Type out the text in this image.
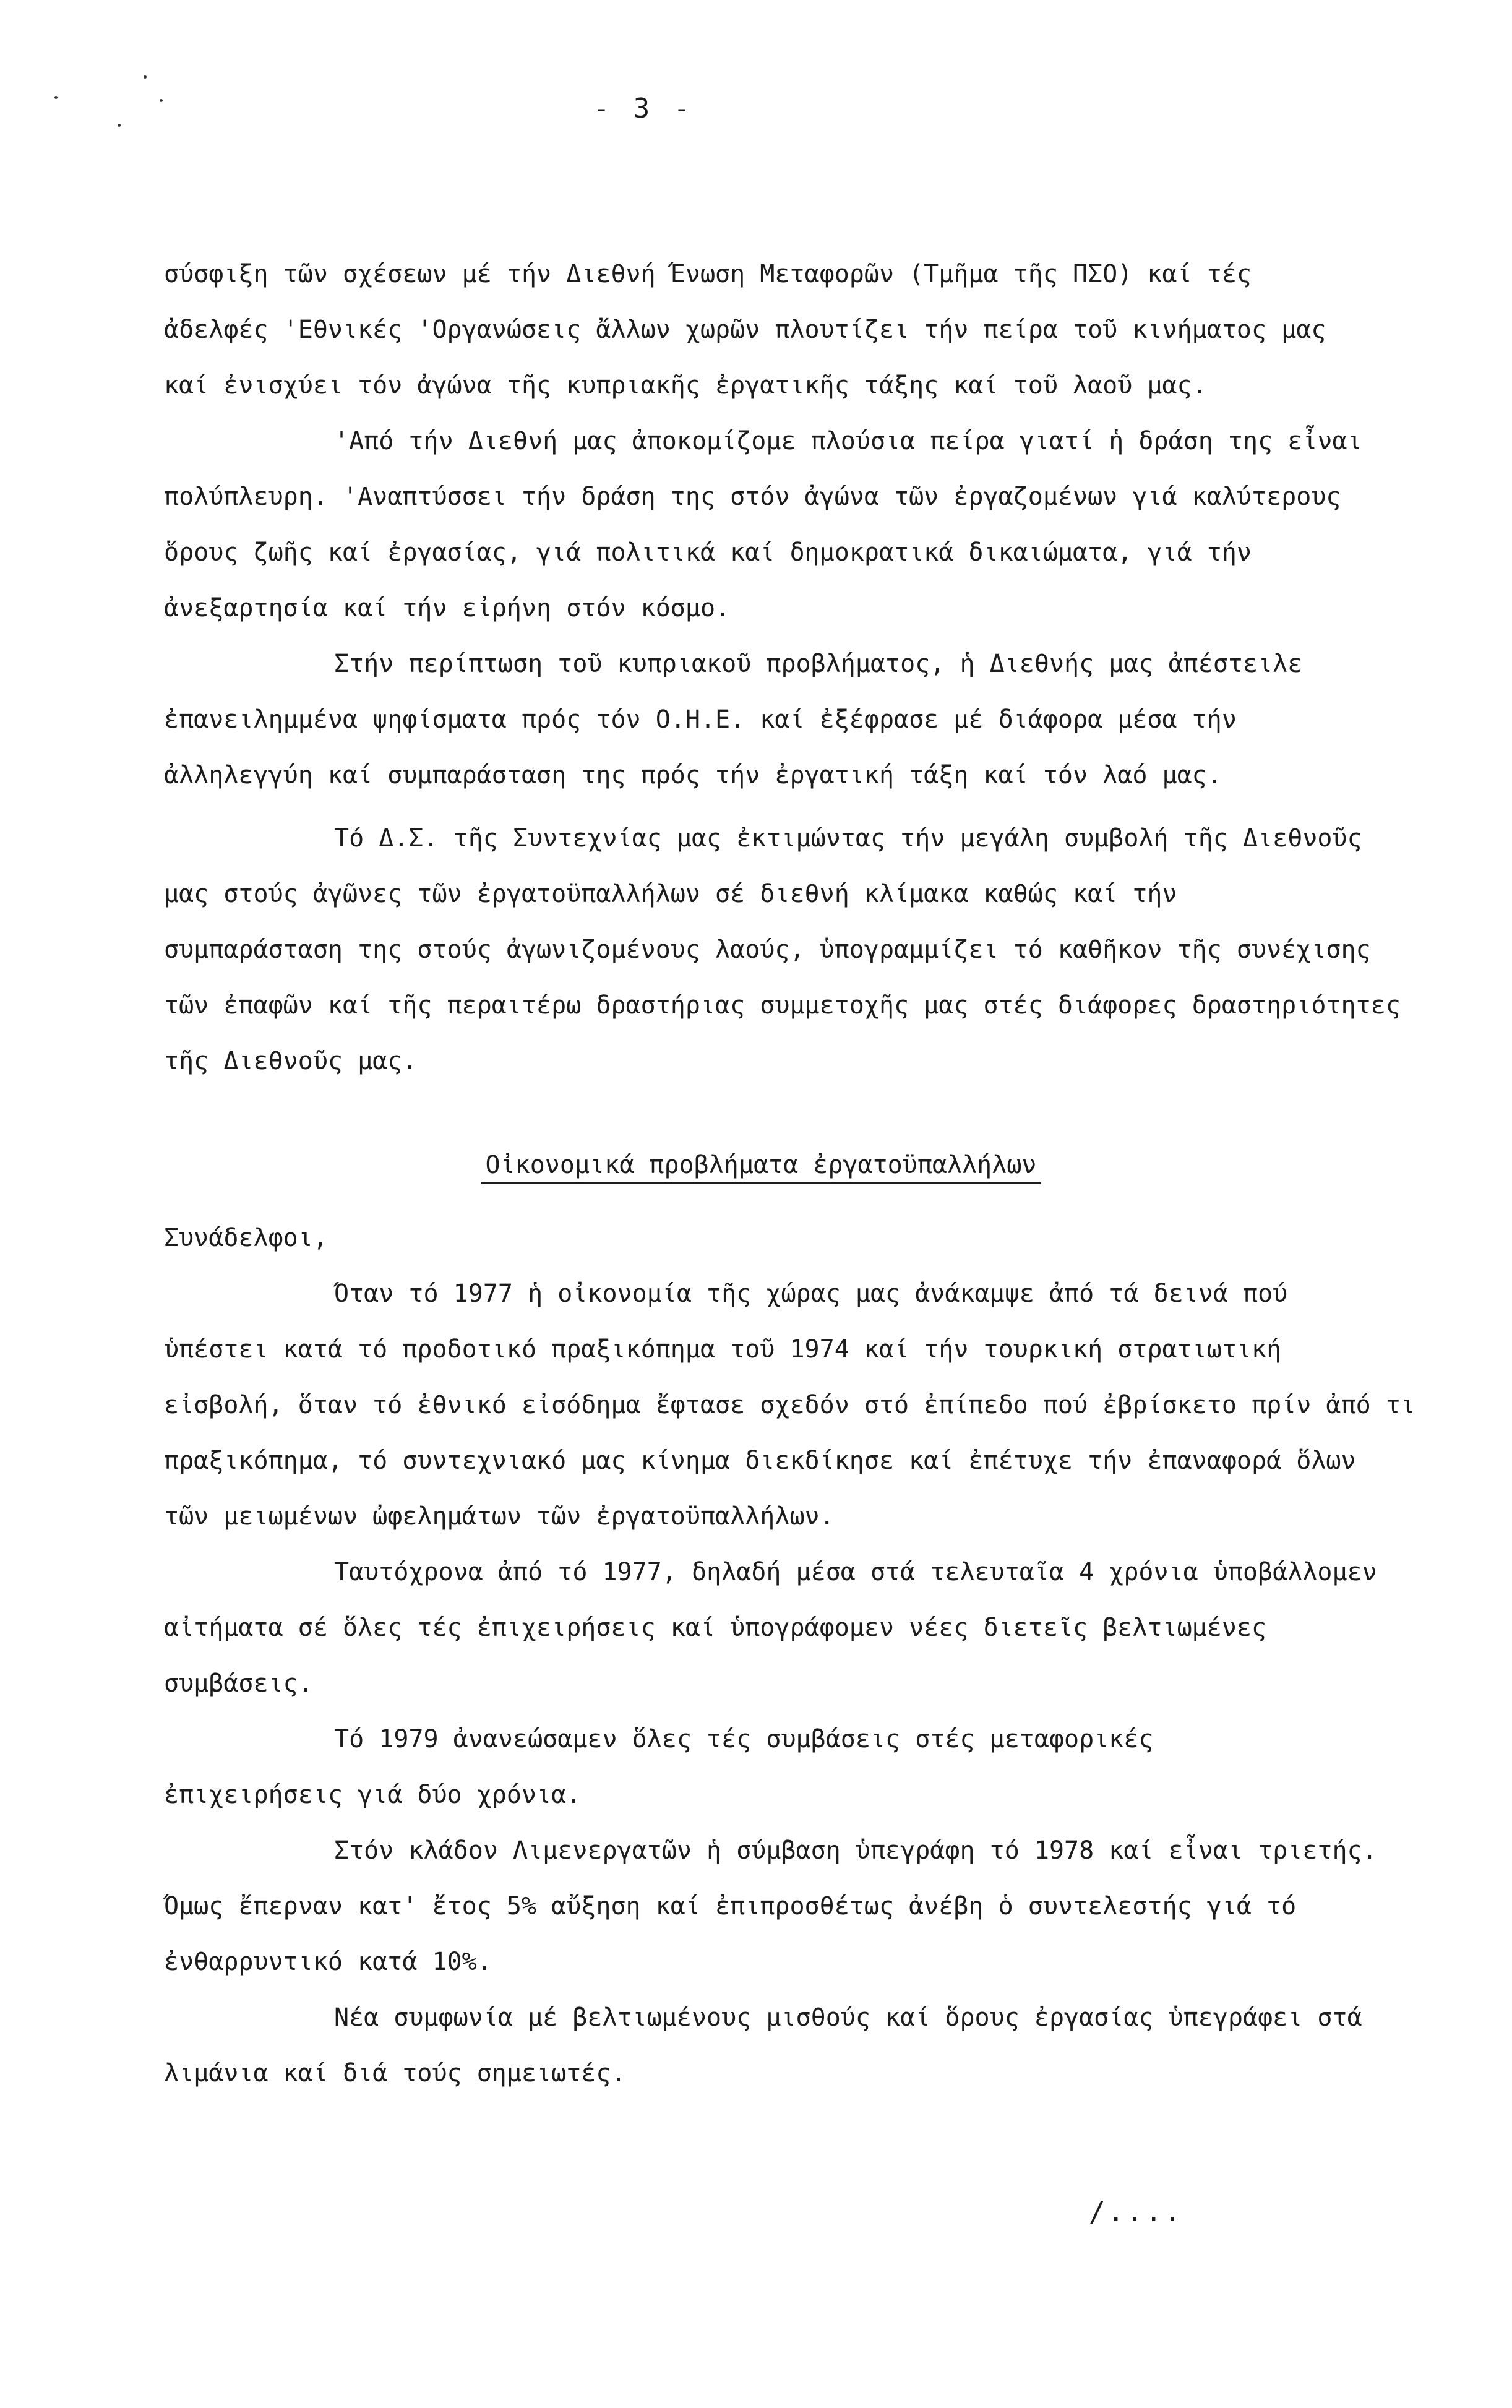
- 3 -
σύσφιξη τῶν σχέσεων μέ τήν Διεθνή Ένωση Μεταφορῶν (Τμῆμα τῆς ΠΣΟ) καί τές
ἀδελφές 'Εθνικές 'Οργανώσεις ἄλλων χωρῶν πλουτίζει τήν πείρα τοῦ κινήματος μας
καί ἐνισχύει τόν ἀγώνα τῆς κυπριακῆς ἐργατικῆς τάξης καί τοῦ λαοῦ μας.
'Από τήν Διεθνή μας ἀποκομίζομε πλούσια πείρα γιατί ἡ δράση της εἶναι
πολύπλευρη. 'Αναπτύσσει τήν δράση της στόν ἀγώνα τῶν ἐργαζομένων γιά καλύτερους
ὅρους ζωῆς καί ἐργασίας, γιά πολιτικά καί δημοκρατικά δικαιώματα, γιά τήν
ἀνεξαρτησία καί τήν εἰρήνη στόν κόσμο.
Στήν περίπτωση τοῦ κυπριακοῦ προβλήματος, ἡ Διεθνής μας ἀπέστειλε
ἐπανειλημμένα ψηφίσματα πρός τόν Ο.Η.Ε. καί ἐξέφρασε μέ διάφορα μέσα τήν
ἀλληλεγγύη καί συμπαράσταση της πρός τήν ἐργατική τάξη καί τόν λαό μας.
Τό Δ.Σ. τῆς Συντεχνίας μας ἐκτιμώντας τήν μεγάλη συμβολή τῆς Διεθνοῦς
μας στούς ἀγῶνες τῶν ἐργατοϋπαλλήλων σέ διεθνή κλίμακα καθώς καί τήν
συμπαράσταση της στούς ἀγωνιζομένους λαούς, ὑπογραμμίζει τό καθῆκον τῆς συνέχισης
τῶν ἐπαφῶν καί τῆς περαιτέρω δραστήριας συμμετοχῆς μας στές διάφορες δραστηριότητες
τῆς Διεθνοῦς μας.
Οἰκονομικά προβλήματα ἐργατοϋπαλλήλων
Συνάδελφοι,
Όταν τό 1977 ἡ οἰκονομία τῆς χώρας μας ἀνάκαμψε ἀπό τά δεινά πού
ὑπέστει κατά τό προδοτικό πραξικόπημα τοῦ 1974 καί τήν τουρκική στρατιωτική
εἰσβολή, ὅταν τό ἐθνικό εἰσόδημα ἔφτασε σχεδόν στό ἐπίπεδο πού ἐβρίσκετο πρίν ἀπό τι
πραξικόπημα, τό συντεχνιακό μας κίνημα διεκδίκησε καί ἐπέτυχε τήν ἐπαναφορά ὅλων
τῶν μειωμένων ὠφελημάτων τῶν ἐργατοϋπαλλήλων.
Ταυτόχρονα ἀπό τό 1977, δηλαδή μέσα στά τελευταῖα 4 χρόνια ὑποβάλλομεν
αἰτήματα σέ ὅλες τές ἐπιχειρήσεις καί ὑπογράφομεν νέες διετεῖς βελτιωμένες
συμβάσεις.
Τό 1979 ἀνανεώσαμεν ὅλες τές συμβάσεις στές μεταφορικές
ἐπιχειρήσεις γιά δύο χρόνια.
Στόν κλάδον Λιμενεργατῶν ἡ σύμβαση ὑπεγράφη τό 1978 καί εἶναι τριετής.
Όμως ἔπερναν κατ' ἔτος 5% αὔξηση καί ἐπιπροσθέτως ἀνέβη ὁ συντελεστής γιά τό
ἐνθαρρυντικό κατά 10%.
Νέα συμφωνία μέ βελτιωμένους μισθούς καί ὅρους ἐργασίας ὑπεγράφει στά
λιμάνια καί διά τούς σημειωτές.
/....
